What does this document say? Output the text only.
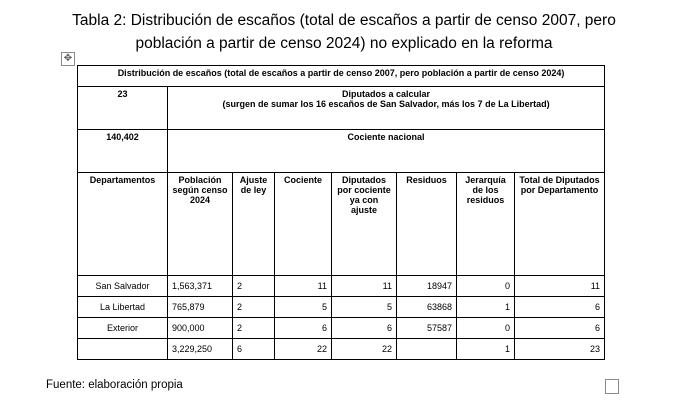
Tabla 2: Distribución de escaños (total de escaños a partir de censo 2007, pero
población a partir de censo 2024) no explicado en la reforma
✥
Distribución de escaños (total de escaños a partir de censo 2007, pero población a partir de censo 2024)							
23	Diputados a calcular
(surgen de sumar los 16 escaños de San Salvador, más los 7 de La Libertad)						

140,402	Cociente nacional						
Departamentos	Población según censo 2024	Ajuste de ley	Cociente	Diputados por cociente ya con ajuste	Residuos	Jerarquía de los residuos	Total de Diputados por Departamento
San Salvador	1,563,371	2	11	11	18947	0	11
La Libertad	765,879	2	5	5	63868	1	6
Exterior	900,000	2	6	6	57587	0	6
	3,229,250	6	22	22		1	23
Fuente: elaboración propia
